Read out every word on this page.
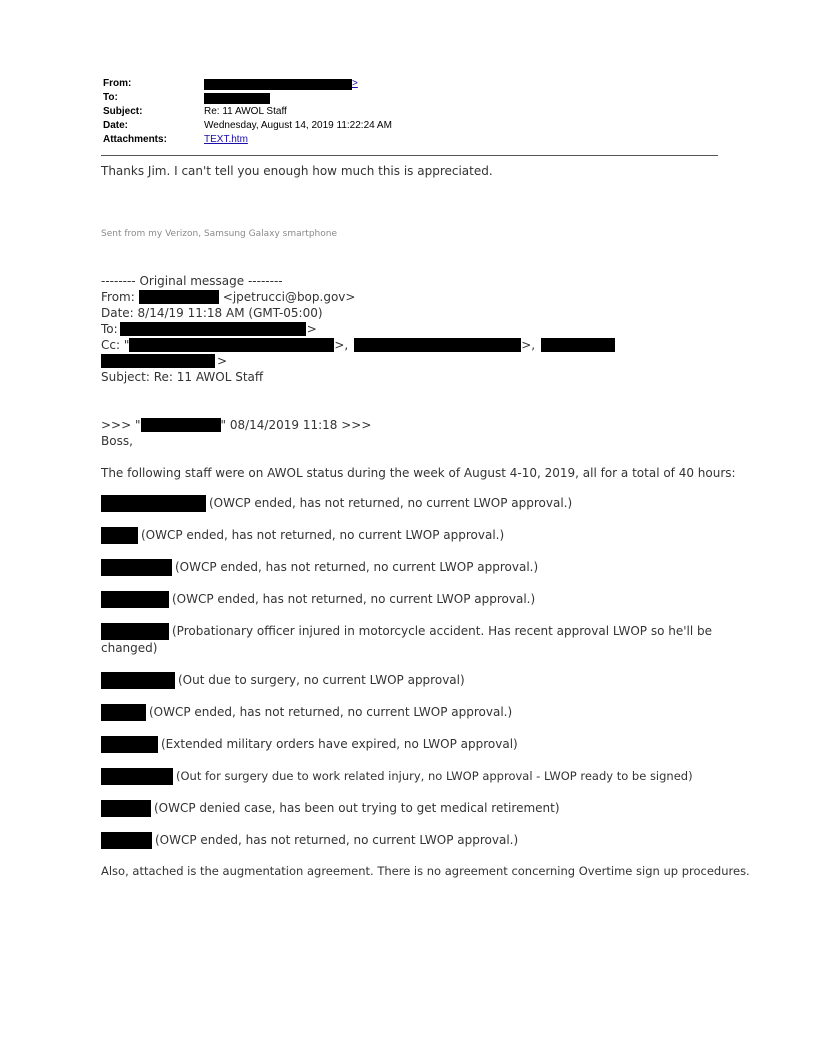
From:	>
To:
Subject:	Re: 11 AWOL Staff
Date:	Wednesday, August 14, 2019 11:22:24 AM
Attachments:	TEXT.htm
Thanks Jim. I can't tell you enough how much this is appreciated.
Sent from my Verizon, Samsung Galaxy smartphone
-------- Original message --------
From:	<jpetrucci@bop.gov>
Date: 8/14/19 11:18 AM (GMT-05:00)
To:	>
Cc: "	>,	>,
>
Subject: Re: 11 AWOL Staff
>>> "	" 08/14/2019 11:18 >>>
Boss,
The following staff were on AWOL status during the week of August 4-10, 2019, all for a total of 40 hours:
(OWCP ended, has not returned, no current LWOP approval.)
(OWCP ended, has not returned, no current LWOP approval.)
(OWCP ended, has not returned, no current LWOP approval.)
(OWCP ended, has not returned, no current LWOP approval.)
(Probationary officer injured in motorcycle accident. Has recent approval LWOP so he'll be
changed)
(Out due to surgery, no current LWOP approval)
(OWCP ended, has not returned, no current LWOP approval.)
(Extended military orders have expired, no LWOP approval)
(Out for surgery due to work related injury, no LWOP approval - LWOP ready to be signed)
(OWCP denied case, has been out trying to get medical retirement)
(OWCP ended, has not returned, no current LWOP approval.)
Also, attached is the augmentation agreement. There is no agreement concerning Overtime sign up procedures.
